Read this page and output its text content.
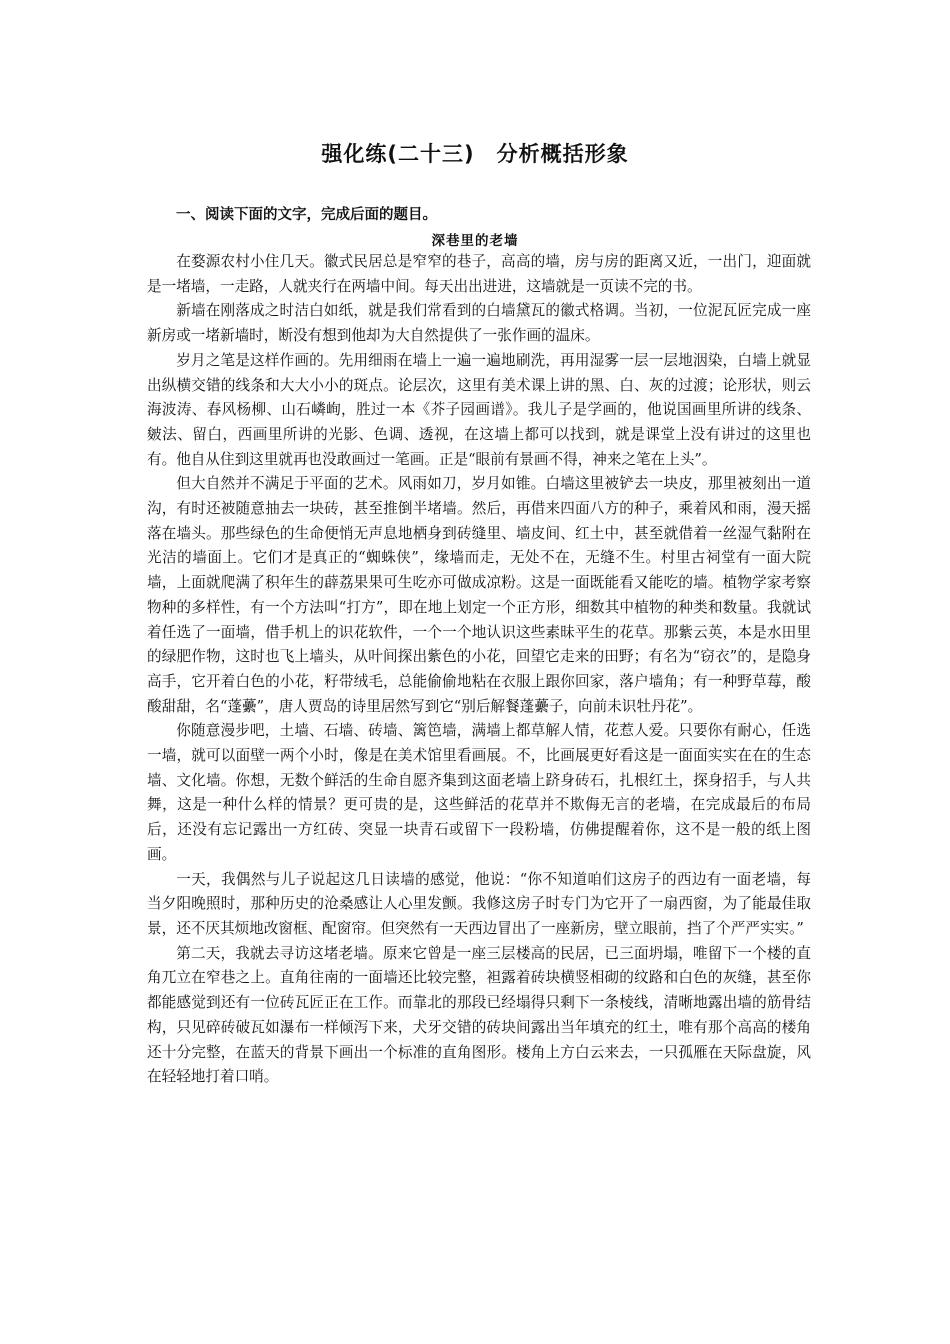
强化练(二十三)　分析概括形象
一、阅读下面的文字，完成后面的题目。
深巷里的老墙

在婺源农村小住几天。徽式民居总是窄窄的巷子，高高的墙，房与房的距离又近，一出门，迎面就是一堵墙，一走路，人就夹行在两墙中间。每天出出进进，这墙就是一页读不完的书。

新墙在刚落成之时洁白如纸，就是我们常看到的白墙黛瓦的徽式格调。当初，一位泥瓦匠完成一座新房或一堵新墙时，断没有想到他却为大自然提供了一张作画的温床。

岁月之笔是这样作画的。先用细雨在墙上一遍一遍地刷洗，再用湿雾一层一层地洇染，白墙上就显出纵横交错的线条和大大小小的斑点。论层次，这里有美术课上讲的黑、白、灰的过渡；论形状，则云海波涛、春风杨柳、山石嶙峋，胜过一本《芥子园画谱》。我儿子是学画的，他说国画里所讲的线条、皴法、留白，西画里所讲的光影、色调、透视，在这墙上都可以找到，就是课堂上没有讲过的这里也有。他自从住到这里就再也没敢画过一笔画。正是“眼前有景画不得，神来之笔在上头”。

但大自然并不满足于平面的艺术。风雨如刀，岁月如锥。白墙这里被铲去一块皮，那里被刻出一道沟，有时还被随意抽去一块砖，甚至推倒半堵墙。然后，再借来四面八方的种子，乘着风和雨，漫天摇落在墙头。那些绿色的生命便悄无声息地栖身到砖缝里、墙皮间、红土中，甚至就借着一丝湿气黏附在光洁的墙面上。它们才是真正的“蜘蛛侠”，缘墙而走，无处不在，无缝不生。村里古祠堂有一面大院墙，上面就爬满了积年生的薜荔果果可生吃亦可做成凉粉。这是一面既能看又能吃的墙。植物学家考察物种的多样性，有一个方法叫“打方”，即在地上划定一个正方形，细数其中植物的种类和数量。我就试着任选了一面墙，借手机上的识花软件，一个一个地认识这些素昧平生的花草。那紫云英，本是水田里的绿肥作物，这时也飞上墙头，从叶间探出紫色的小花，回望它走来的田野；有名为“窃衣”的，是隐身高手，它开着白色的小花，籽带绒毛，总能偷偷地粘在衣服上跟你回家，落户墙角；有一种野草莓，酸酸甜甜，名“蓬虆”，唐人贾岛的诗里居然写到它“别后解餐蓬虆子，向前未识牡丹花”。

你随意漫步吧，土墙、石墙、砖墙、篱笆墙，满墙上都草解人情，花惹人爱。只要你有耐心，任选一墙，就可以面壁一两个小时，像是在美术馆里看画展。不，比画展更好看这是一面面实实在在的生态墙、文化墙。你想，无数个鲜活的生命自愿齐集到这面老墙上跻身砖石，扎根红土，探身招手，与人共舞，这是一种什么样的情景？更可贵的是，这些鲜活的花草并不欺侮无言的老墙，在完成最后的布局后，还没有忘记露出一方红砖、突显一块青石或留下一段粉墙，仿佛提醒着你，这不是一般的纸上图画。

一天，我偶然与儿子说起这几日读墙的感觉，他说：“你不知道咱们这房子的西边有一面老墙，每当夕阳晚照时，那种历史的沧桑感让人心里发颤。我修这房子时专门为它开了一扇西窗，为了能最佳取景，还不厌其烦地改窗框、配窗帘。但突然有一天西边冒出了一座新房，壁立眼前，挡了个严严实实。”

第二天，我就去寻访这堵老墙。原来它曾是一座三层楼高的民居，已三面坍塌，唯留下一个楼的直角兀立在窄巷之上。直角往南的一面墙还比较完整，袒露着砖块横竖相砌的纹路和白色的灰缝，甚至你都能感觉到还有一位砖瓦匠正在工作。而靠北的那段已经塌得只剩下一条棱线，清晰地露出墙的筋骨结构，只见碎砖破瓦如瀑布一样倾泻下来，犬牙交错的砖块间露出当年填充的红土，唯有那个高高的楼角还十分完整，在蓝天的背景下画出一个标准的直角图形。楼角上方白云来去，一只孤雁在天际盘旋，风在轻轻地打着口哨。
